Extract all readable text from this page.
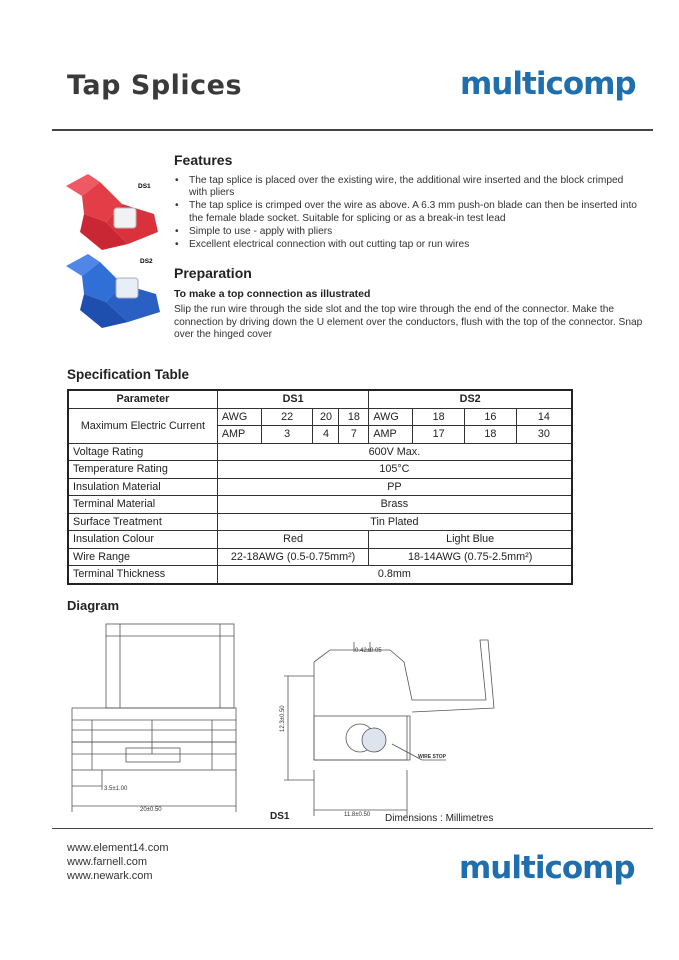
Tap Splices	multicomp
DS1
DS2
Features
• The tap splice is placed over the existing wire, the additional wire inserted and the block crimped with pliers
• The tap splice is crimped over the wire as above. A 6.3 mm push-on blade can then be inserted into the female blade socket. Suitable for splicing or as a break-in test lead
• Simple to use - apply with pliers
• Excellent electrical connection with out cutting tap or run wires
Preparation
To make a top connection as illustrated
Slip the run wire through the side slot and the top wire through the end of the connector. Make the connection by driving down the U element over the conductors, flush with the top of the connector. Snap over the hinged cover
Specification Table
Parameter	DS1				DS2			
Maximum Electric Current	AWG	22	20	18	AWG	18	16	14
	AMP	3	4	7	AMP	17	18	30
Voltage Rating	600V Max.							
Temperature Rating	105°C							
Insulation Material	PP							
Terminal Material	Brass							
Surface Treatment	Tin Plated							
Insulation Colour	Red				Light Blue			
Wire Range	22-18AWG (0.5-0.75mm²)				18-14AWG (0.75-2.5mm²)			
Terminal Thickness	0.8mm							
Diagram
3.5±1.00
20±0.50
0.42±0.05
12.3±0.50
11.8±0.50
WIRE STOP
DS1	Dimensions : Millimetres
www.element14.com
www.farnell.com
www.newark.com	multicomp
